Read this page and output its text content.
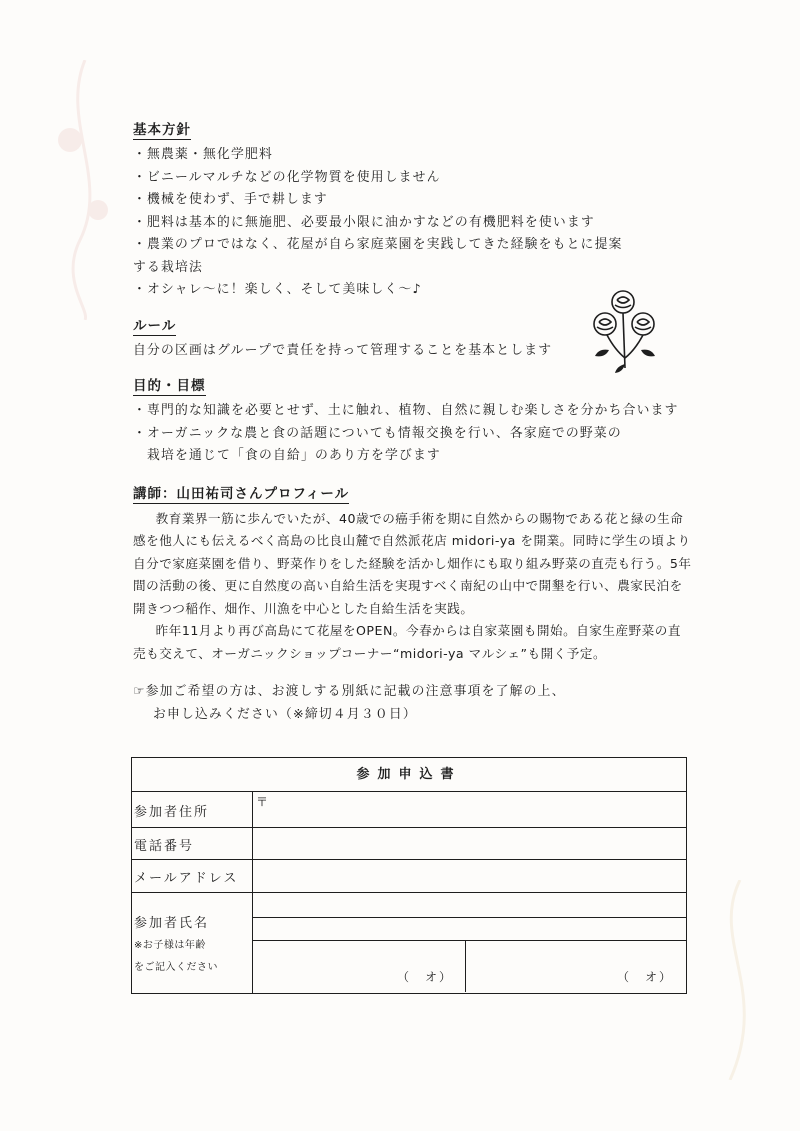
基本方針
・無農薬・無化学肥料
・ビニールマルチなどの化学物質を使用しません
・機械を使わず、手で耕します
・肥料は基本的に無施肥、必要最小限に油かすなどの有機肥料を使います
・農業のプロではなく、花屋が自ら家庭菜園を実践してきた経験をもとに提案
する栽培法
・オシャレ～に！楽しく、そして美味しく～♪
ルール
自分の区画はグループで責任を持って管理することを基本とします
目的・目標
・専門的な知識を必要とせず、土に触れ、植物、自然に親しむ楽しさを分かち合います
・オーガニックな農と食の話題についても情報交換を行い、各家庭での野菜の
栽培を通じて「食の自給」のあり方を学びます
講師：山田祐司さんプロフィール
教育業界一筋に歩んでいたが、40歳での癌手術を期に自然からの賜物である花と緑の生命感を他人にも伝えるべく高島の比良山麓で自然派花店 midori-ya を開業。同時に学生の頃より自分で家庭菜園を借り、野菜作りをした経験を活かし畑作にも取り組み野菜の直売も行う。5年間の活動の後、更に自然度の高い自給生活を実現すべく南紀の山中で開墾を行い、農家民泊を開きつつ稲作、畑作、川漁を中心とした自給生活を実践。
昨年11月より再び高島にて花屋をOPEN。今春からは自家菜園も開始。自家生産野菜の直売も交えて、オーガニックショップコーナー“midori-ya マルシェ”も開く予定。
☞参加ご希望の方は、お渡しする別紙に記載の注意事項を了解の上、
お申し込みください（※締切４月３０日）
参加申込書
参加者住所
〒
電話番号
メールアドレス
参加者氏名
※お子様は年齢
をご記入ください
（　オ）	（　オ）
